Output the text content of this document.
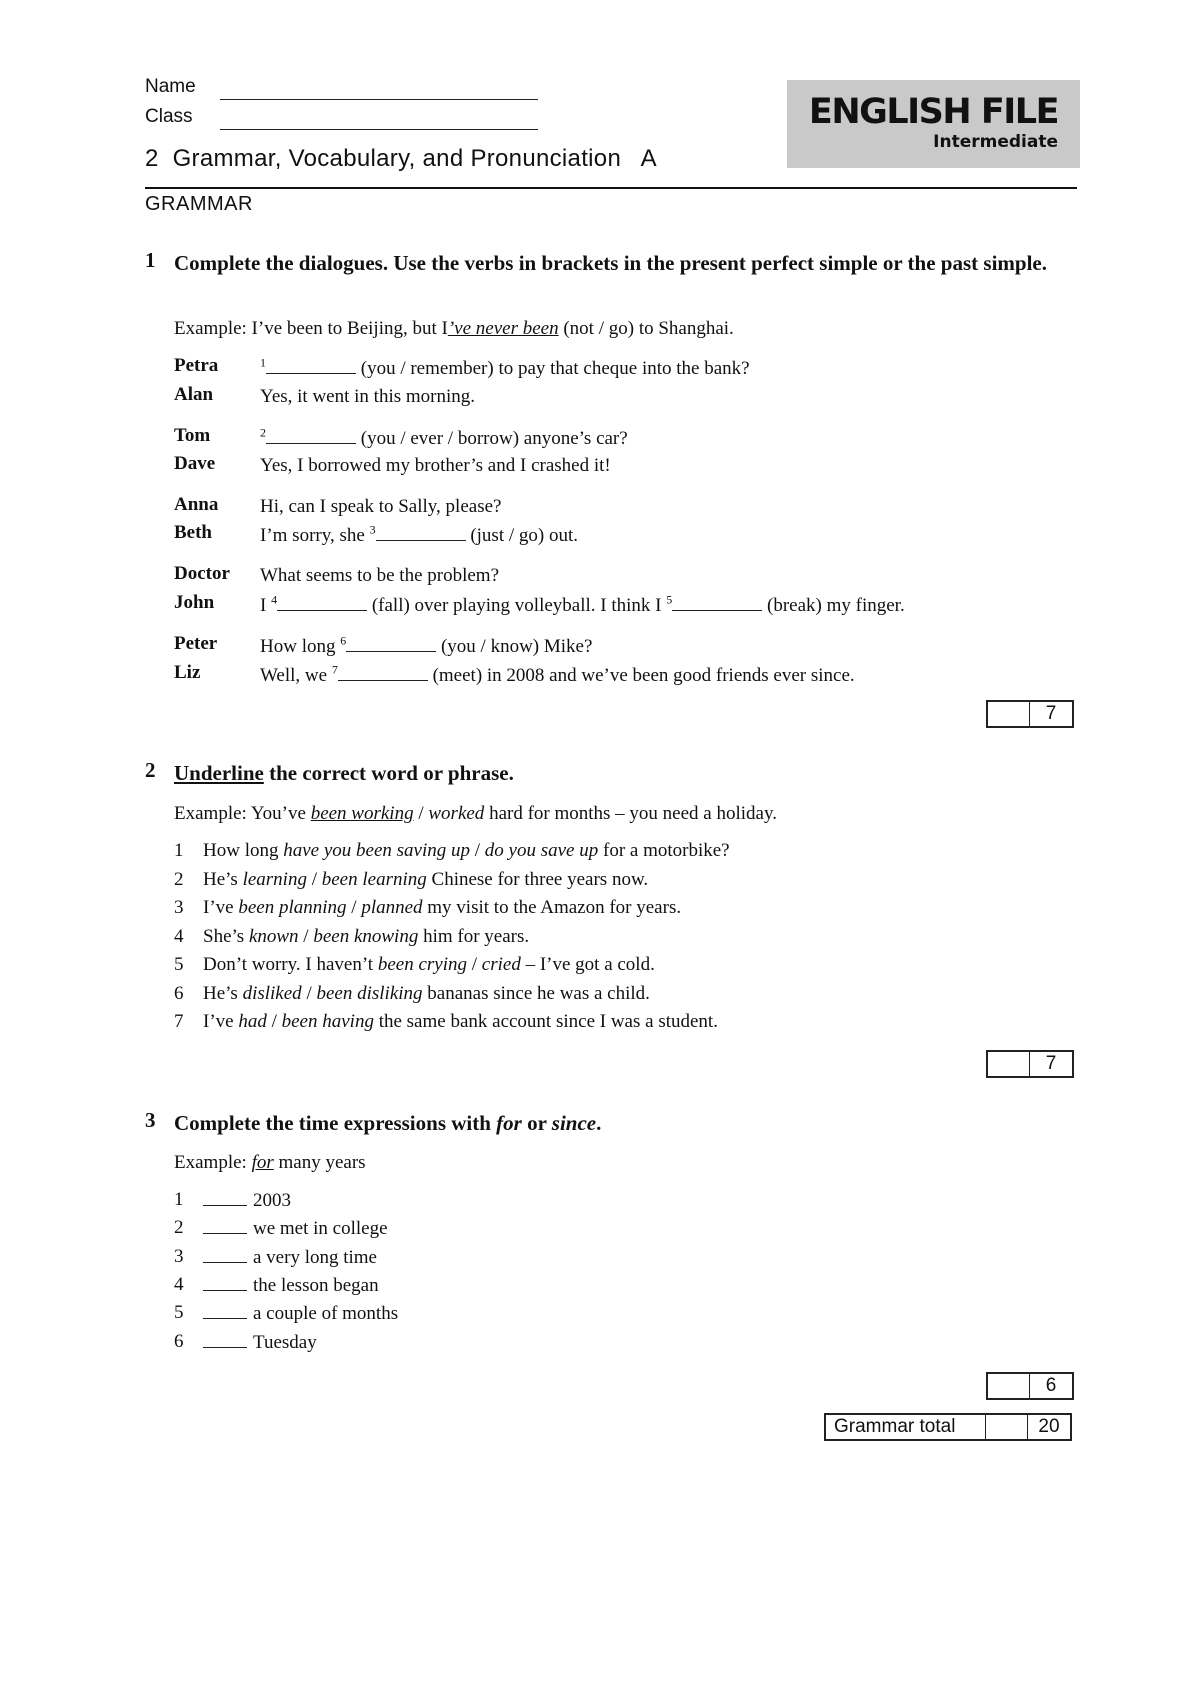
Name
Class	ENGLISH FILE
Intermediate
2  Grammar, Vocabulary, and Pronunciation   A
GRAMMAR
1 Complete the dialogues. Use the verbs in brackets in the present perfect simple or the past simple.
Example: I’ve been to Beijing, but I’ve never been (not / go) to Shanghai.
Petra	$^1$	(you / remember) to pay that cheque into the bank?
Alan Yes, it went in this morning.
Tom	$^2$	(you / ever / borrow) anyone’s car?
Dave Yes, I borrowed my brother’s and I crashed it!
Anna Hi, can I speak to Sally, please?
Beth	I’m sorry, she $^3$	(just / go) out.
Doctor What seems to be the problem?
John I $^4$	(fall) over playing volleyball. I think I $^5$	(break) my finger.
Peter How long $^6$	(you / know) Mike?
Liz	Well, we $^7$	(meet) in 2008 and we’ve been good friends ever since.
7
2 Underline the correct word or phrase.
Example: You’ve been working / worked hard for months – you need a holiday.
1 How long have you been saving up / do you save up for a motorbike?
2 He’s learning / been learning Chinese for three years now.
3 I’ve been planning / planned my visit to the Amazon for years.
4 She’s known / been knowing him for years.
5 Don’t worry. I haven’t been crying / cried – I’ve got a cold.
6 He’s disliked / been disliking bananas since he was a child.
7 I’ve had / been having the same bank account since I was a student.
7
3 Complete the time expressions with for or since.
Example: for many years
1	2003
2	we met in college
3	a very long time
4	the lesson began
5	a couple of months
6	Tuesday
6
Grammar total	20
